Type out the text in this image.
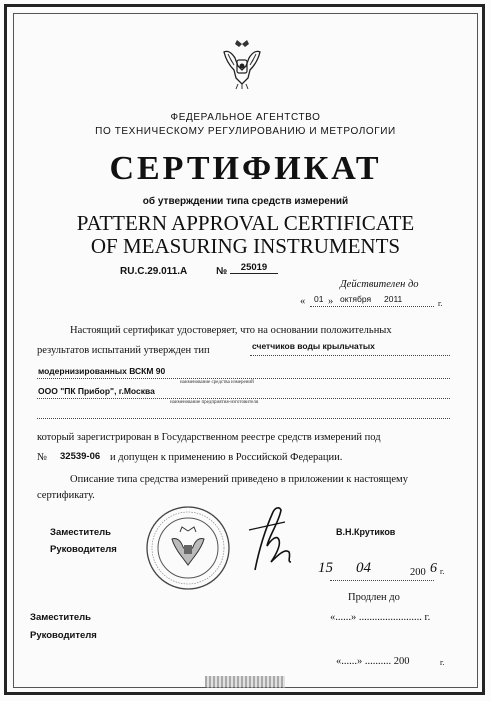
ФЕДЕРАЛЬНОЕ АГЕНТСТВО
ПО ТЕХНИЧЕСКОМУ РЕГУЛИРОВАНИЮ И МЕТРОЛОГИИ
СЕРТИФИКАТ
об утверждении типа средств измерений
PATTERN APPROVAL CERTIFICATE
OF MEASURING INSTRUMENTS
RU.C.29.011.A	№	25019
Действителен до
« 01 » октября 2011	г.
Настоящий сертификат удостоверяет, что на основании положительных
результатов испытаний утвержден тип	счетчиков воды крыльчатых
модернизированных ВСКМ 90
наименование средства измерений
ООО "ПК Прибор", г.Москва
наименование предприятия-изготовителя
который зарегистрирован в Государственном реестре средств измерений под
№ 32539-06 и допущен к применению в Российской Федерации.
Описание типа средства измерений приведено в приложении к настоящему
сертификату.
Заместитель
Руководителя
В.Н.Крутиков
15 04	200 6 г.
Продлен до
«......» ........................ г.
Заместитель
Руководителя
«......» .......... 200	г.
